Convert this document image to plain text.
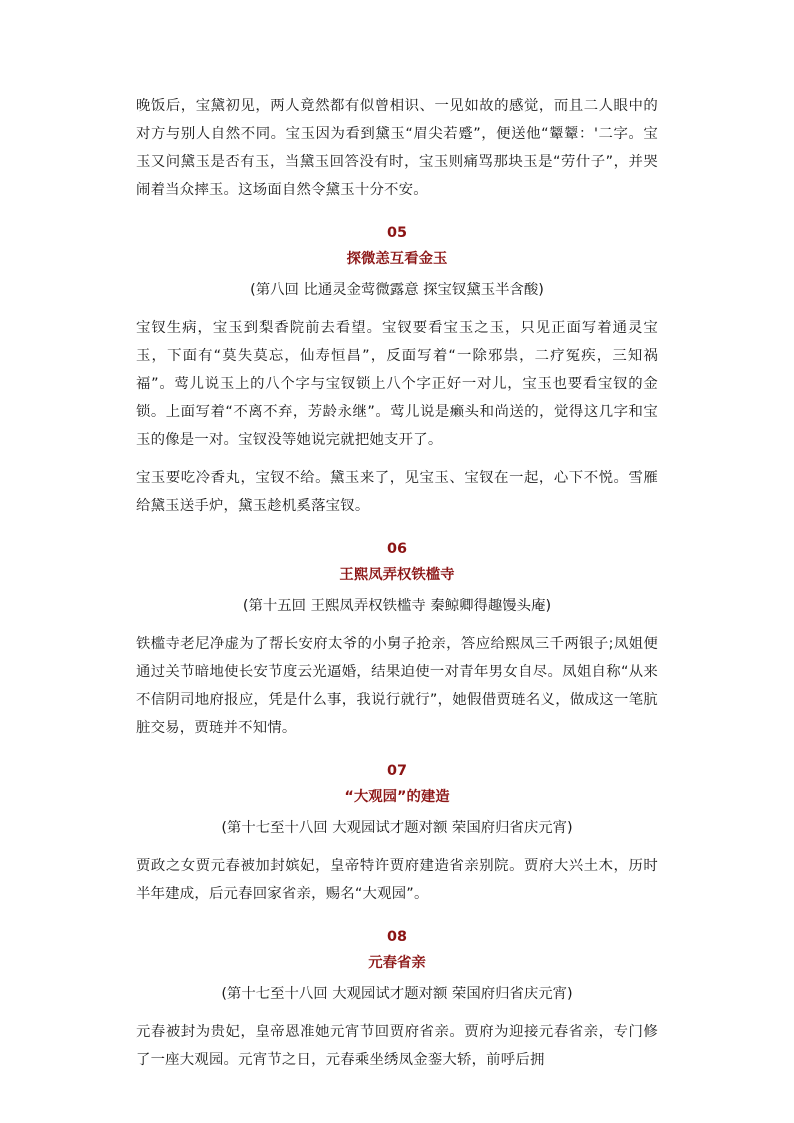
晚饭后，宝黛初见，两人竟然都有似曾相识、一见如故的感觉，而且二人眼中的对方与别人自然不同。宝玉因为看到黛玉“眉尖若蹙”，便送他“颦颦：'二字。宝玉又问黛玉是否有玉，当黛玉回答没有时，宝玉则痛骂那块玉是“劳什子”，并哭闹着当众摔玉。这场面自然令黛玉十分不安。

05

探微恙互看金玉

(第八回 比通灵金莺微露意 探宝钗黛玉半含酸)

宝钗生病，宝玉到梨香院前去看望。宝钗要看宝玉之玉，只见正面写着通灵宝玉，下面有“莫失莫忘，仙寿恒昌”，反面写着“一除邪祟，二疗冤疾，三知祸福”。莺儿说玉上的八个字与宝钗锁上八个字正好一对儿，宝玉也要看宝钗的金锁。上面写着“不离不弃，芳龄永继”。莺儿说是癞头和尚送的，觉得这几字和宝玉的像是一对。宝钗没等她说完就把她支开了。

宝玉要吃冷香丸，宝钗不给。黛玉来了，见宝玉、宝钗在一起，心下不悦。雪雁给黛玉送手炉，黛玉趁机奚落宝钗。

06

王熙凤弄权铁槛寺

(第十五回 王熙凤弄权铁槛寺 秦鲸卿得趣馒头庵)

铁槛寺老尼净虚为了帮长安府太爷的小舅子抢亲，答应给熙凤三千两银子;凤姐便通过关节暗地使长安节度云光逼婚，结果迫使一对青年男女自尽。凤姐自称“从来不信阴司地府报应，凭是什么事，我说行就行”，她假借贾琏名义，做成这一笔肮脏交易，贾琏并不知情。

07

“大观园”的建造

(第十七至十八回 大观园试才题对额 荣国府归省庆元宵)

贾政之女贾元春被加封嫔妃，皇帝特许贾府建造省亲别院。贾府大兴土木，历时半年建成，后元春回家省亲，赐名“大观园”。

08

元春省亲

(第十七至十八回 大观园试才题对额 荣国府归省庆元宵)

元春被封为贵妃，皇帝恩准她元宵节回贾府省亲。贾府为迎接元春省亲，专门修了一座大观园。元宵节之日，元春乘坐绣凤金銮大轿，前呼后拥
